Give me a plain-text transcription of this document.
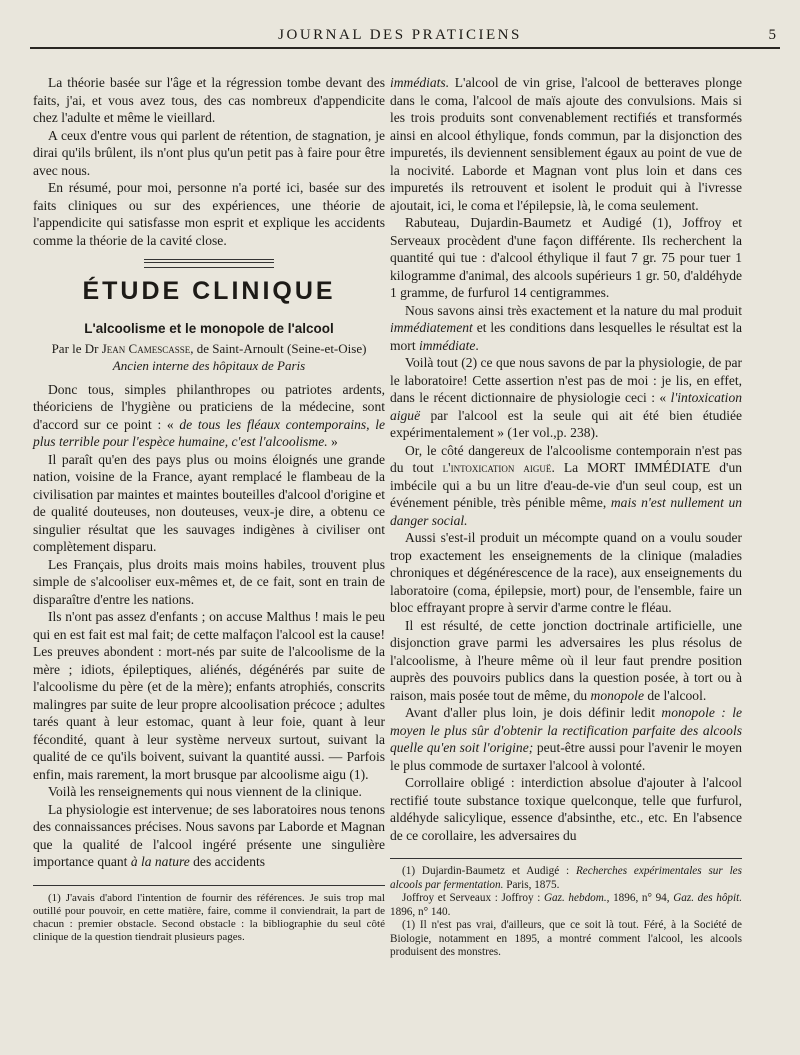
JOURNAL DES PRATICIENS	5

La théorie basée sur l'âge et la régression tombe devant des faits, j'ai, et vous avez tous, des cas nombreux d'appendicite chez l'adulte et même le vieillard.

A ceux d'entre vous qui parlent de rétention, de stagnation, je dirai qu'ils brûlent, ils n'ont plus qu'un petit pas à faire pour être avec nous.

En résumé, pour moi, personne n'a porté ici, basée sur des faits cliniques ou sur des expériences, une théorie de l'appendicite qui satisfasse mon esprit et explique les accidents comme la théorie de la cavité close.

ÉTUDE CLINIQUE
L'alcoolisme et le monopole de l'alcool
Par le Dr Jean Camescasse, de Saint-Arnoult (Seine-et-Oise)
Ancien interne des hôpitaux de Paris

Donc tous, simples philanthropes ou patriotes ardents, théoriciens de l'hygiène ou praticiens de la médecine, sont d'accord sur ce point : « de tous les fléaux contemporains, le plus terrible pour l'espèce humaine, c'est l'alcoolisme. »

Il paraît qu'en des pays plus ou moins éloignés une grande nation, voisine de la France, ayant remplacé le flambeau de la civilisation par maintes et maintes bouteilles d'alcool d'origine et de qualité douteuses, non douteuses, veux-je dire, a obtenu ce singulier résultat que les sauvages indigènes à civiliser ont complètement disparu.

Les Français, plus droits mais moins habiles, trouvent plus simple de s'alcooliser eux-mêmes et, de ce fait, sont en train de disparaître d'entre les nations.

Ils n'ont pas assez d'enfants ; on accuse Malthus ! mais le peu qui en est fait est mal fait; de cette malfaçon l'alcool est la cause! Les preuves abondent : mort-nés par suite de l'alcoolisme de la mère ; idiots, épileptiques, aliénés, dégénérés par suite de l'alcoolisme du père (et de la mère); enfants atrophiés, conscrits malingres par suite de leur propre alcoolisation précoce ; adultes tarés quant à leur estomac, quant à leur foie, quant à leur fécondité, quant à leur système nerveux surtout, suivant la qualité de ce qu'ils boivent, suivant la quantité aussi. — Parfois enfin, mais rarement, la mort brusque par alcoolisme aigu (1).

Voilà les renseignements qui nous viennent de la clinique.

La physiologie est intervenue; de ses laboratoires nous tenons des connaissances précises. Nous savons par Laborde et Magnan que la qualité de l'alcool ingéré présente une singulière importance quant à la nature des accidents

(1) J'avais d'abord l'intention de fournir des références. Je suis trop mal outillé pour pouvoir, en cette matière, faire, comme il conviendrait, la part de chacun : premier obstacle. Second obstacle : la bibliographie du seul côté clinique de la question tiendrait plusieurs pages.

immédiats. L'alcool de vin grise, l'alcool de betteraves plonge dans le coma, l'alcool de maïs ajoute des convulsions. Mais si les trois produits sont convenablement rectifiés et transformés ainsi en alcool éthylique, fonds commun, par la disjonction des impuretés, ils deviennent sensiblement égaux au point de vue de la nocivité. Laborde et Magnan vont plus loin et dans ces impuretés ils retrouvent et isolent le produit qui à l'ivresse ajoutait, ici, le coma et l'épilepsie, là, le coma seulement.

Rabuteau, Dujardin-Baumetz et Audigé (1), Joffroy et Serveaux procèdent d'une façon différente. Ils recherchent la quantité qui tue : d'alcool éthylique il faut 7 gr. 75 pour tuer 1 kilogramme d'animal, des alcools supérieurs 1 gr. 50, d'aldéhyde 1 gramme, de furfurol 14 centigrammes.

Nous savons ainsi très exactement et la nature du mal produit immédiatement et les conditions dans lesquelles le résultat est la mort immédiate.

Voilà tout (2) ce que nous savons de par la physiologie, de par le laboratoire! Cette assertion n'est pas de moi : je lis, en effet, dans le récent dictionnaire de physiologie ceci : « l'intoxication aiguë par l'alcool est la seule qui ait été bien étudiée expérimentalement » (1er vol.,p. 238).

Or, le côté dangereux de l'alcoolisme contemporain n'est pas du tout l'intoxication aiguë. La MORT IMMÉDIATE d'un imbécile qui a bu un litre d'eau-de-vie d'un seul coup, est un événement pénible, très pénible même, mais n'est nullement un danger social.

Aussi s'est-il produit un mécompte quand on a voulu souder trop exactement les enseignements de la clinique (maladies chroniques et dégénérescence de la race), aux enseignements du laboratoire (coma, épilepsie, mort) pour, de l'ensemble, faire un bloc effrayant propre à servir d'arme contre le fléau.

Il est résulté, de cette jonction doctrinale artificielle, une disjonction grave parmi les adversaires les plus résolus de l'alcoolisme, à l'heure même où il leur faut prendre position auprès des pouvoirs publics dans la question posée, à tort ou à raison, mais posée tout de même, du monopole de l'alcool.

Avant d'aller plus loin, je dois définir ledit monopole : le moyen le plus sûr d'obtenir la rectification parfaite des alcools quelle qu'en soit l'origine; peut-être aussi pour l'avenir le moyen le plus commode de surtaxer l'alcool à volonté.

Corrollaire obligé : interdiction absolue d'ajouter à l'alcool rectifié toute substance toxique quelconque, telle que furfurol, aldéhyde salicylique, essence d'absinthe, etc., etc. En l'absence de ce corollaire, les adversaires du

(1) Dujardin-Baumetz et Audigé : Recherches expérimentales sur les alcools par fermentation. Paris, 1875.

Joffroy et Serveaux : Joffroy : Gaz. hebdom., 1896, n° 94, Gaz. des hôpit. 1896, n° 140.

(1) Il n'est pas vrai, d'ailleurs, que ce soit là tout. Féré, à la Société de Biologie, notamment en 1895, a montré comment l'alcool, les alcools produisent des monstres.
